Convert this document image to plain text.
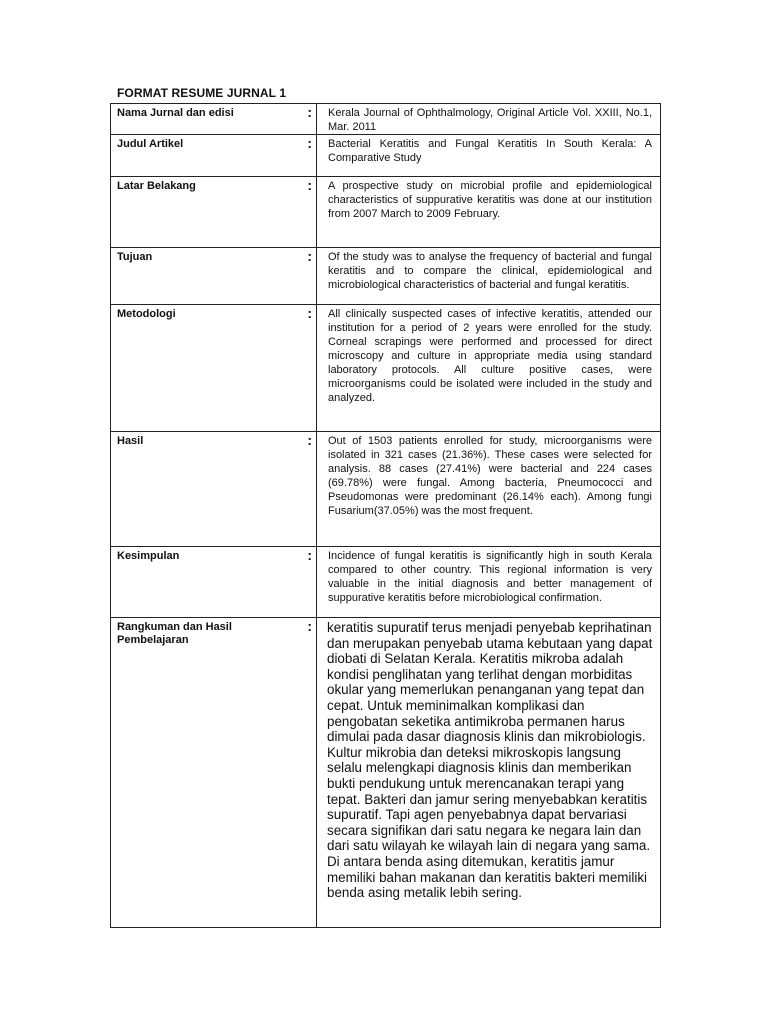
FORMAT RESUME JURNAL 1
Nama Jurnal dan edisi	:	Kerala Journal of Ophthalmology, Original Article Vol. XXIII, No.1, Mar. 2011
Judul Artikel	:	Bacterial Keratitis and Fungal Keratitis In South Kerala: A Comparative Study
Latar Belakang	:	A prospective study on microbial profile and epidemiological characteristics of suppurative keratitis was done at our institution from 2007 March to 2009 February.
Tujuan	:	Of the study was to analyse the frequency of bacterial and fungal keratitis and to compare the clinical, epidemiological and microbiological characteristics of bacterial and fungal keratitis.
Metodologi	:	All clinically suspected cases of infective keratitis, attended our institution for a period of 2 years were enrolled for the study. Corneal scrapings were performed and processed for direct microscopy and culture in appropriate media using standard laboratory protocols. All culture positive cases, were microorganisms could be isolated were included in the study and analyzed.
Hasil	:	Out of 1503 patients enrolled for study, microorganisms were isolated in 321 cases (21.36%). These cases were selected for analysis. 88 cases (27.41%) were bacterial and 224 cases (69.78%) were fungal. Among bacteria, Pneumococci and Pseudomonas were predominant (26.14% each). Among fungi Fusarium(37.05%) was the most frequent.
Kesimpulan	:	Incidence of fungal keratitis is significantly high in south Kerala compared to other country. This regional information is very valuable in the initial diagnosis and better management of suppurative keratitis before microbiological confirmation.

Rangkuman dan Hasil
Pembelajaran	:	keratitis supuratif terus menjadi penyebab keprihatinan dan merupakan penyebab utama kebutaan yang dapat diobati di Selatan Kerala. Keratitis mikroba adalah kondisi penglihatan yang terlihat dengan morbiditas okular yang memerlukan penanganan yang tepat dan cepat. Untuk meminimalkan komplikasi dan pengobatan seketika antimikroba permanen harus dimulai pada dasar diagnosis klinis dan mikrobiologis. Kultur mikrobia dan deteksi mikroskopis langsung selalu melengkapi diagnosis klinis dan memberikan bukti pendukung untuk merencanakan terapi yang tepat. Bakteri dan jamur sering menyebabkan keratitis supuratif. Tapi agen penyebabnya dapat bervariasi secara signifikan dari satu negara ke negara lain dan dari satu wilayah ke wilayah lain di negara yang sama. Di antara benda asing ditemukan, keratitis jamur memiliki bahan makanan dan keratitis bakteri memiliki benda asing metalik lebih sering.
